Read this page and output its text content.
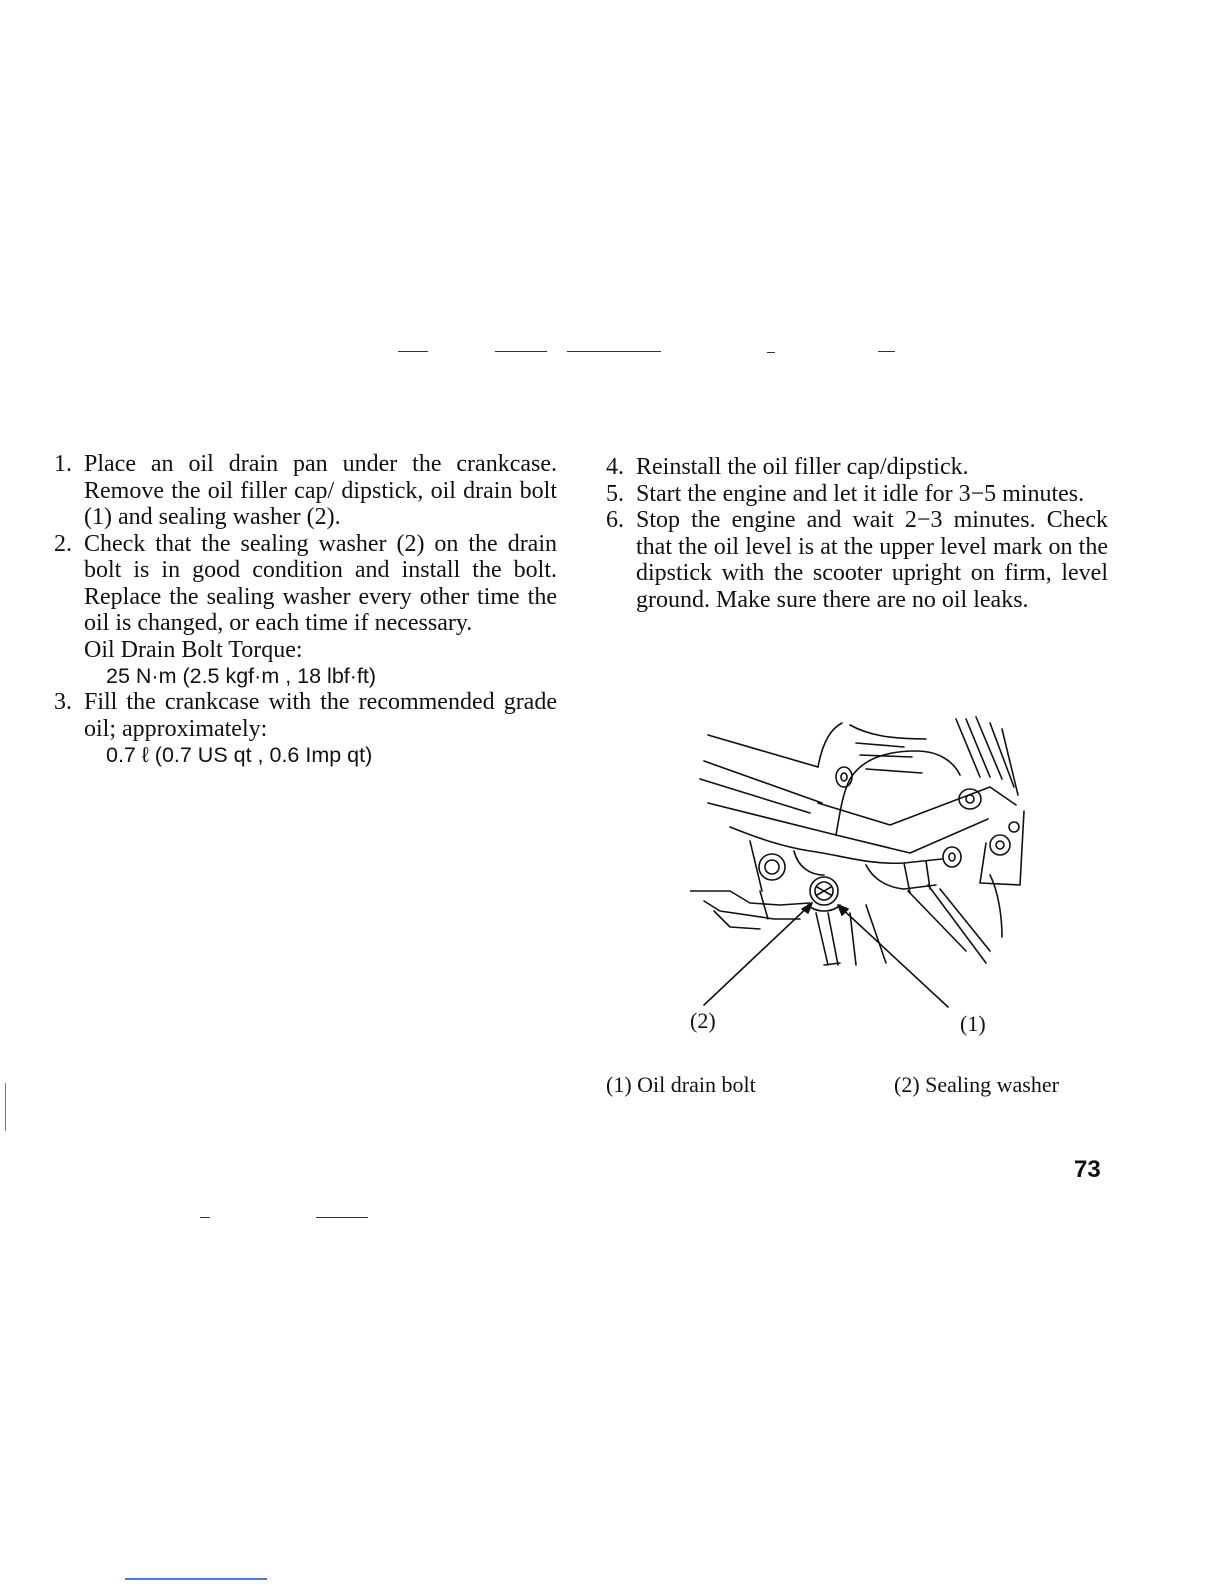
1. Place an oil drain pan under the crankcase. Remove the oil filler cap/ dipstick, oil drain bolt (1) and sealing washer (2).
2. Check that the sealing washer (2) on the drain bolt is in good condition and install the bolt. Replace the sealing washer every other time the oil is changed, or each time if necessary.
Oil Drain Bolt Torque:
25 N·m (2.5 kgf·m , 18 lbf·ft)
3. Fill the crankcase with the recommended grade oil; approximately:
0.7 ℓ (0.7 US qt , 0.6 Imp qt)
4. Reinstall the oil filler cap/dipstick.
5. Start the engine and let it idle for 3−5 minutes.
6. Stop the engine and wait 2−3 minutes. Check that the oil level is at the upper level mark on the dipstick with the scooter upright on firm, level ground. Make sure there are no oil leaks.
(2)	(1)
(1) Oil drain bolt	(2) Sealing washer
73
